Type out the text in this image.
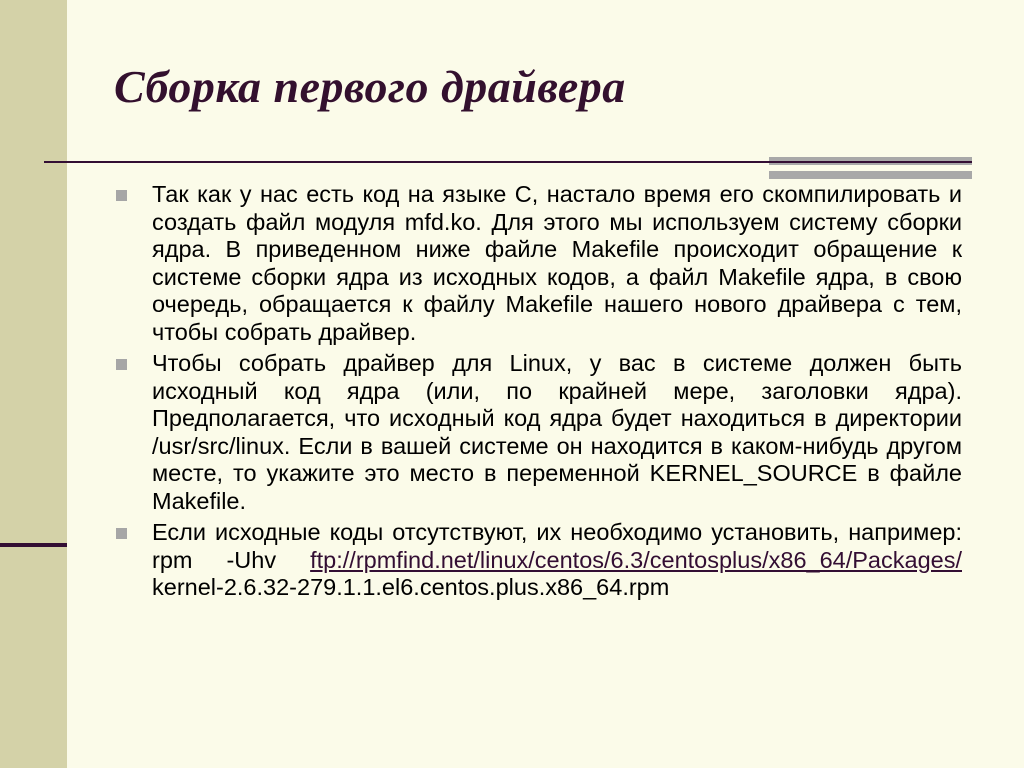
Сборка первого драйвера
Так как у нас есть код на языке С, настало время его скомпилировать и создать файл модуля mfd.ko. Для этого мы используем систему сборки ядра. В приведенном ниже файле Makefile происходит обращение к системе сборки ядра из исходных кодов, а файл Makefile ядра, в свою очередь, обращается к файлу Makefile нашего нового драйвера с тем, чтобы собрать драйвер.
Чтобы собрать драйвер для Linux, у вас в системе должен быть исходный код ядра (или, по крайней мере, заголовки ядра). Предполагается, что исходный код ядра будет находиться в директории /usr/src/linux. Если в вашей системе он находится в каком-нибудь другом месте, то укажите это место в переменной KERNEL_SOURCE в файле Makefile.
Если исходные коды отсутствуют, их необходимо установить, например: rpm -Uhv ftp://rpmfind.net/linux/centos/6.3/centosplus/x86_64/Packages/ kernel-2.6.32-279.1.1.el6.centos.plus.x86_64.rpm
